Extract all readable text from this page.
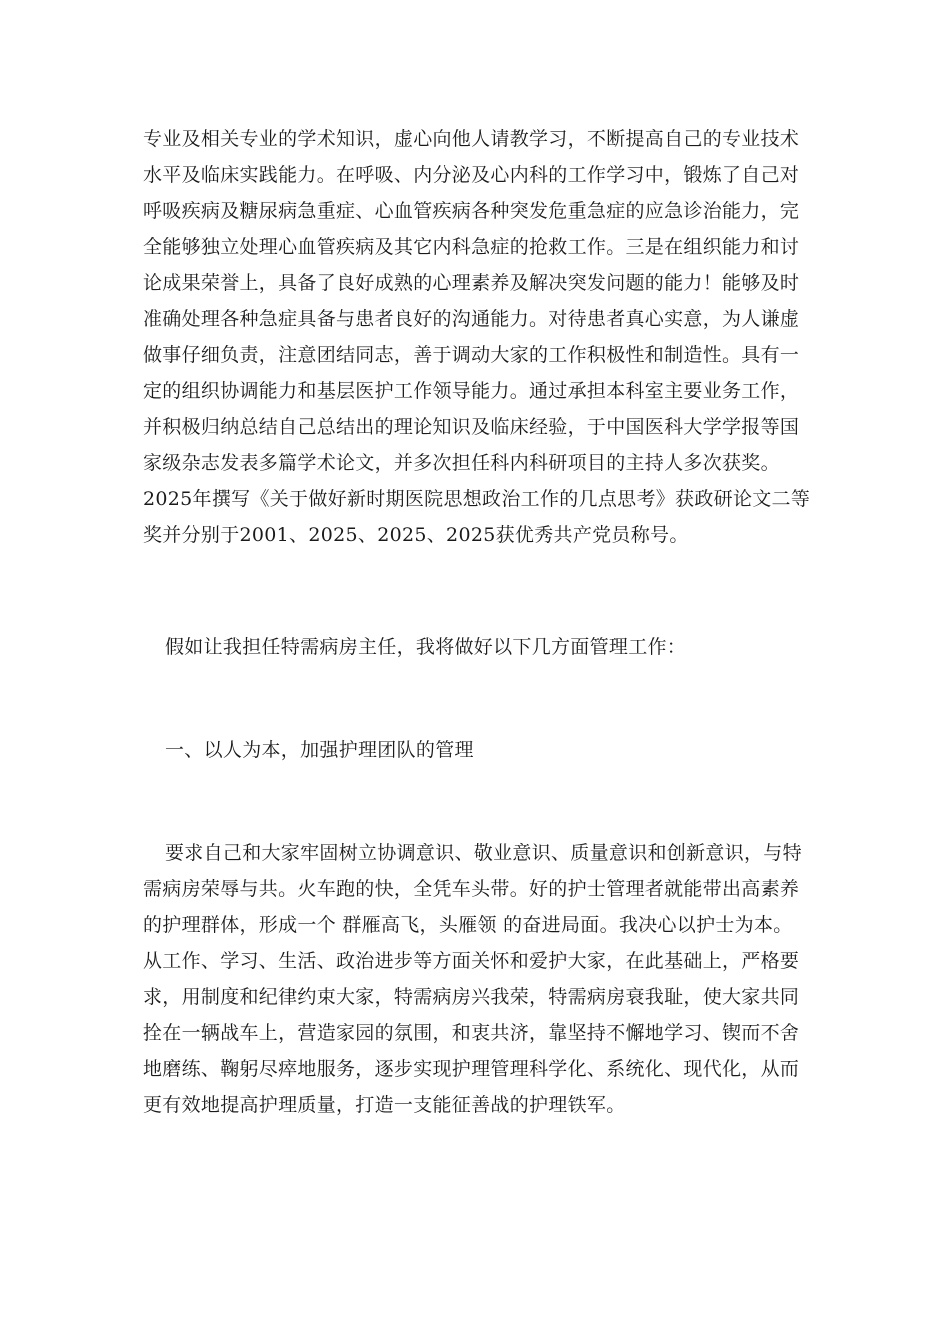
专业及相关专业的学术知识，虚心向他人请教学习，不断提高自己的专业技术
水平及临床实践能力。在呼吸、内分泌及心内科的工作学习中，锻炼了自己对
呼吸疾病及糖尿病急重症、心血管疾病各种突发危重急症的应急诊治能力，完
全能够独立处理心血管疾病及其它内科急症的抢救工作。三是在组织能力和讨
论成果荣誉上，具备了良好成熟的心理素养及解决突发问题的能力！能够及时
准确处理各种急症具备与患者良好的沟通能力。对待患者真心实意，为人谦虚
做事仔细负责，注意团结同志，善于调动大家的工作积极性和制造性。具有一
定的组织协调能力和基层医护工作领导能力。通过承担本科室主要业务工作，
并积极归纳总结自己总结出的理论知识及临床经验，于中国医科大学学报等国
家级杂志发表多篇学术论文，并多次担任科内科研项目的主持人多次获奖。
2025年撰写《关于做好新时期医院思想政治工作的几点思考》获政研论文二等
奖并分别于2001、2025、2025、2025获优秀共产党员称号。
假如让我担任特需病房主任，我将做好以下几方面管理工作：
一、以人为本，加强护理团队的管理
要求自己和大家牢固树立协调意识、敬业意识、质量意识和创新意识，与特
需病房荣辱与共。火车跑的快，全凭车头带。好的护士管理者就能带出高素养
的护理群体，形成一个 群雁高飞，头雁领 的奋进局面。我决心以护士为本。
从工作、学习、生活、政治进步等方面关怀和爱护大家，在此基础上，严格要
求，用制度和纪律约束大家，特需病房兴我荣，特需病房衰我耻，使大家共同
拴在一辆战车上，营造家园的氛围，和衷共济，靠坚持不懈地学习、锲而不舍
地磨练、鞠躬尽瘁地服务，逐步实现护理管理科学化、系统化、现代化，从而
更有效地提高护理质量，打造一支能征善战的护理铁军。
